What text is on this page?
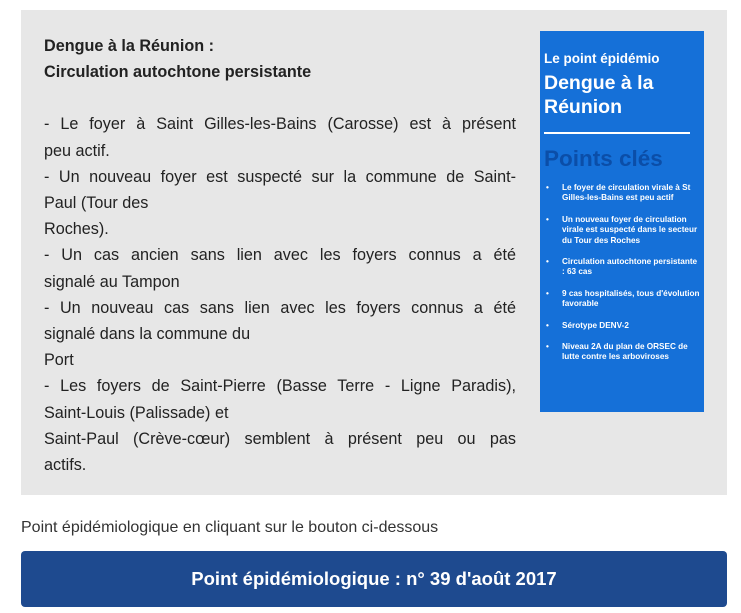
Dengue à la Réunion :
Circulation autochtone persistante
- Le foyer à Saint Gilles-les-Bains (Carosse) est à présent
peu actif.
- Un nouveau foyer est suspecté sur la commune de Saint-
Paul (Tour des
Roches).
- Un cas ancien sans lien avec les foyers connus a été
signalé au Tampon
- Un nouveau cas sans lien avec les foyers connus a été
signalé dans la commune du
Port
- Les foyers de Saint-Pierre (Basse Terre - Ligne Paradis),
Saint-Louis (Palissade) et
Saint-Paul (Crève-cœur) semblent à présent peu ou pas
actifs.
Le point épidémio
Dengue à la Réunion
Points clés
• Le foyer de circulation virale à St Gilles-les-Bains est peu actif
• Un nouveau foyer de circulation virale est suspecté dans le secteur du Tour des Roches
• Circulation autochtone persistante : 63 cas
• 9 cas hospitalisés, tous d'évolution favorable
• Sérotype DENV-2
• Niveau 2A du plan de ORSEC de lutte contre les arboviroses
Point épidémiologique en cliquant sur le bouton ci-dessous
Point épidémiologique : n° 39 d'août 2017
